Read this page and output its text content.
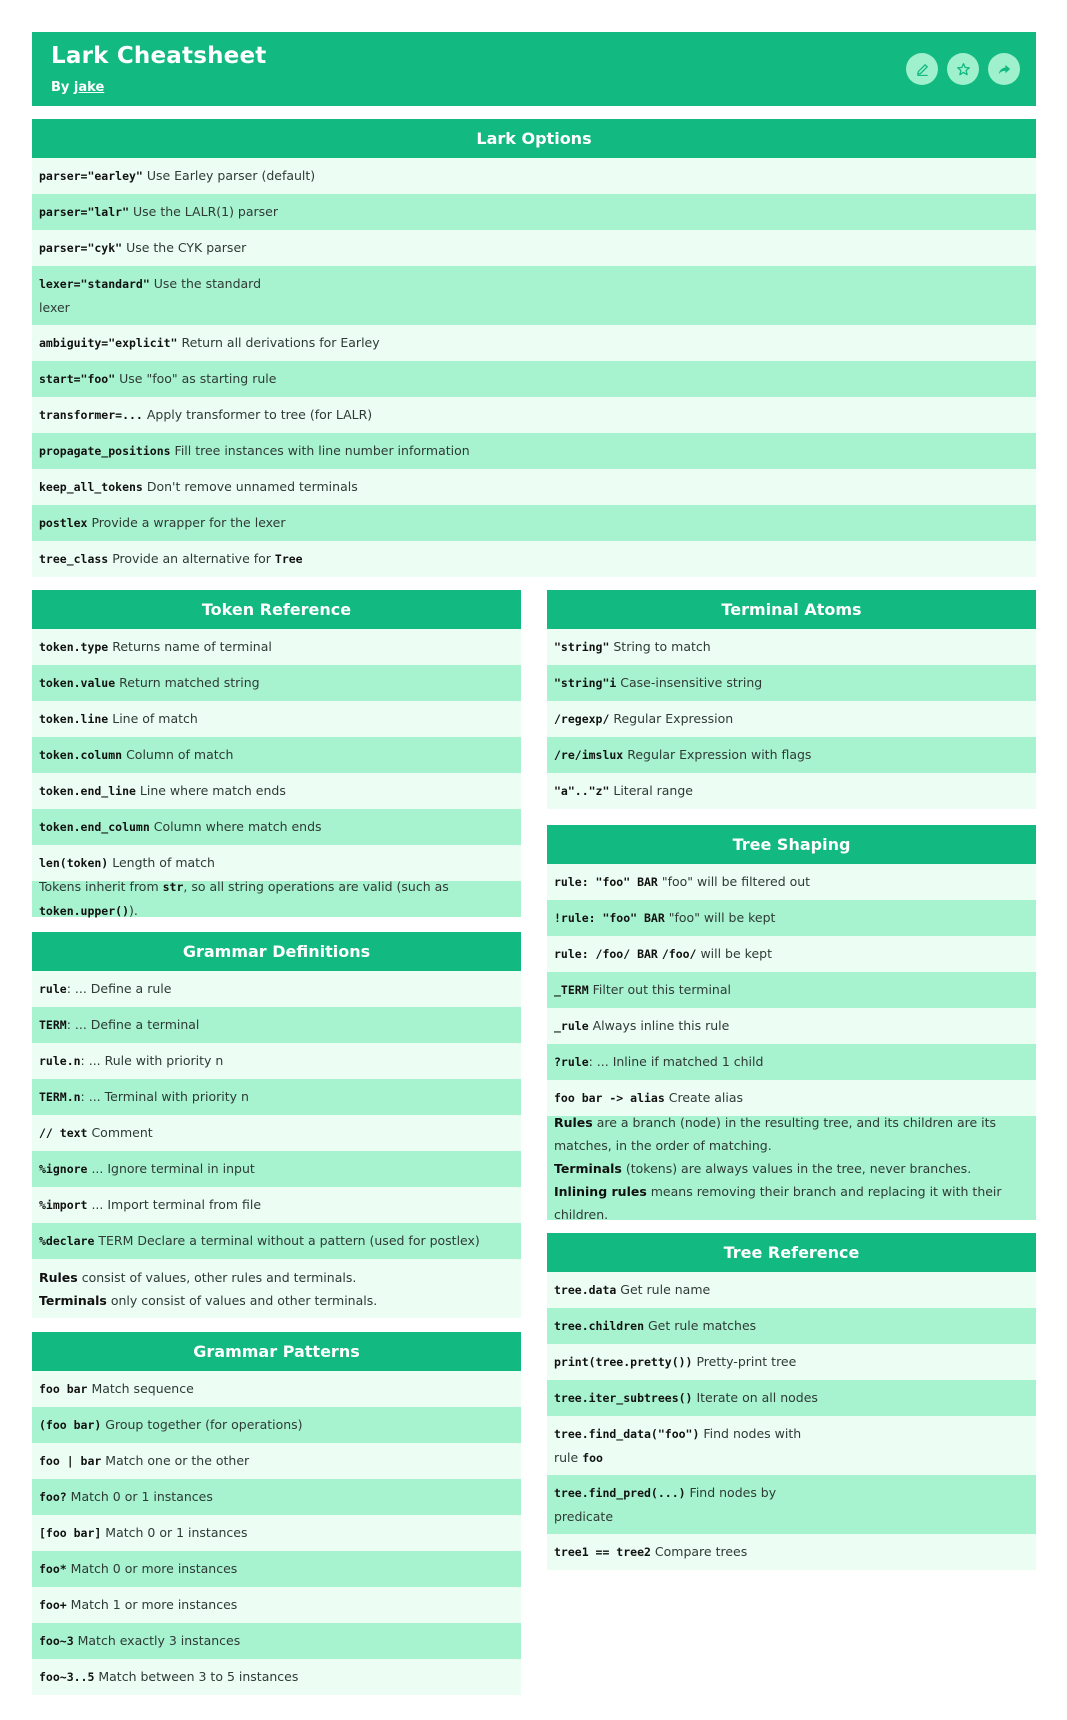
Lark Cheatsheet
By jake
Lark Options
parser="earley" Use Earley parser (default)
parser="lalr" Use the LALR(1) parser
parser="cyk" Use the CYK parser
lexer="standard" Use the standard
lexer
ambiguity="explicit" Return all derivations for Earley
start="foo" Use "foo" as starting rule
transformer=... Apply transformer to tree (for LALR)
propagate_positions Fill tree instances with line number information
keep_all_tokens Don't remove unnamed terminals
postlex Provide a wrapper for the lexer
tree_class Provide an alternative for Tree
Token Reference
token.type Returns name of terminal
token.value Return matched string
token.line Line of match
token.column Column of match
token.end_line Line where match ends
token.end_column Column where match ends
len(token) Length of match
Tokens inherit from str, so all string operations are valid (such as token.upper()).
Grammar Definitions
rule: ... Define a rule
TERM: ... Define a terminal
rule.n: ... Rule with priority n
TERM.n: ... Terminal with priority n
// text Comment
%ignore ... Ignore terminal in input
%import ... Import terminal from file
%declare TERM Declare a terminal without a pattern (used for postlex)
Rules consist of values, other rules and terminals.
Terminals only consist of values and other terminals.
Grammar Patterns
foo bar Match sequence
(foo bar) Group together (for operations)
foo | bar Match one or the other
foo? Match 0 or 1 instances
[foo bar] Match 0 or 1 instances
foo* Match 0 or more instances
foo+ Match 1 or more instances
foo~3 Match exactly 3 instances
foo~3..5 Match between 3 to 5 instances
Terminal Atoms
"string" String to match
"string"i Case-insensitive string
/regexp/ Regular Expression
/re/imslux Regular Expression with flags
"a".."z" Literal range
Tree Shaping
rule: "foo" BAR "foo" will be filtered out
!rule: "foo" BAR "foo" will be kept
rule: /foo/ BAR /foo/ will be kept
_TERM Filter out this terminal
_rule Always inline this rule
?rule: ... Inline if matched 1 child
foo bar -> alias Create alias
Rules are a branch (node) in the resulting tree, and its children are its matches, in the order of matching.
Terminals (tokens) are always values in the tree, never branches.
Inlining rules means removing their branch and replacing it with their children.
Tree Reference
tree.data Get rule name
tree.children Get rule matches
print(tree.pretty()) Pretty-print tree
tree.iter_subtrees() Iterate on all nodes
tree.find_data("foo") Find nodes with
rule foo
tree.find_pred(...) Find nodes by
predicate
tree1 == tree2 Compare trees
